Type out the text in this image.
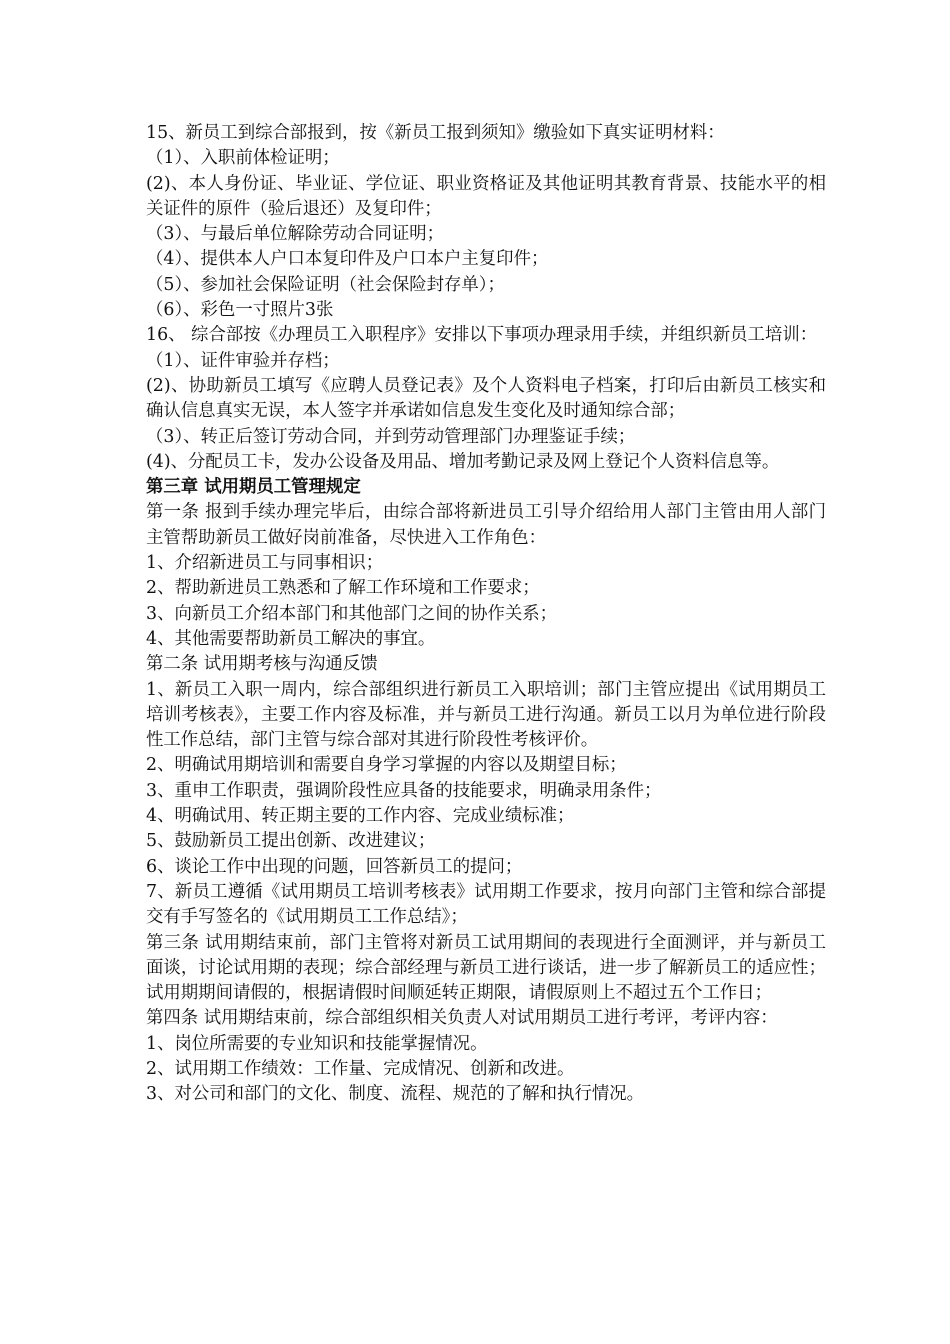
15、新员工到综合部报到，按《新员工报到须知》缴验如下真实证明材料：

（1）、入职前体检证明；

(2)、本人身份证、毕业证、学位证、职业资格证及其他证明其教育背景、技能水平的相关证件的原件（验后退还）及复印件；

（3）、与最后单位解除劳动合同证明；

（4）、提供本人户口本复印件及户口本户主复印件；

（5）、参加社会保险证明（社会保险封存单）；

（6）、彩色一寸照片3张

16、 综合部按《办理员工入职程序》安排以下事项办理录用手续，并组织新员工培训：

（1）、证件审验并存档；

(2)、协助新员工填写《应聘人员登记表》及个人资料电子档案，打印后由新员工核实和确认信息真实无误，本人签字并承诺如信息发生变化及时通知综合部；

（3）、转正后签订劳动合同，并到劳动管理部门办理鉴证手续；

(4)、分配员工卡，发办公设备及用品、增加考勤记录及网上登记个人资料信息等。

第三章 试用期员工管理规定

第一条 报到手续办理完毕后，由综合部将新进员工引导介绍给用人部门主管由用人部门主管帮助新员工做好岗前准备，尽快进入工作角色：

1、介绍新进员工与同事相识；

2、帮助新进员工熟悉和了解工作环境和工作要求；

3、向新员工介绍本部门和其他部门之间的协作关系；

4、其他需要帮助新员工解决的事宜。

第二条 试用期考核与沟通反馈

1、新员工入职一周内，综合部组织进行新员工入职培训；部门主管应提出《试用期员工培训考核表》，主要工作内容及标准，并与新员工进行沟通。新员工以月为单位进行阶段性工作总结，部门主管与综合部对其进行阶段性考核评价。

2、明确试用期培训和需要自身学习掌握的内容以及期望目标；

3、重申工作职责，强调阶段性应具备的技能要求，明确录用条件；

4、明确试用、转正期主要的工作内容、完成业绩标准；

5、鼓励新员工提出创新、改进建议；

6、谈论工作中出现的问题，回答新员工的提问；

7、新员工遵循《试用期员工培训考核表》试用期工作要求，按月向部门主管和综合部提交有手写签名的《试用期员工工作总结》；

第三条 试用期结束前，部门主管将对新员工试用期间的表现进行全面测评，并与新员工面谈，讨论试用期的表现；综合部经理与新员工进行谈话，进一步了解新员工的适应性；试用期期间请假的，根据请假时间顺延转正期限，请假原则上不超过五个工作日；

第四条 试用期结束前，综合部组织相关负责人对试用期员工进行考评，考评内容：

1、岗位所需要的专业知识和技能掌握情况。

2、试用期工作绩效：工作量、完成情况、创新和改进。

3、对公司和部门的文化、制度、流程、规范的了解和执行情况。
